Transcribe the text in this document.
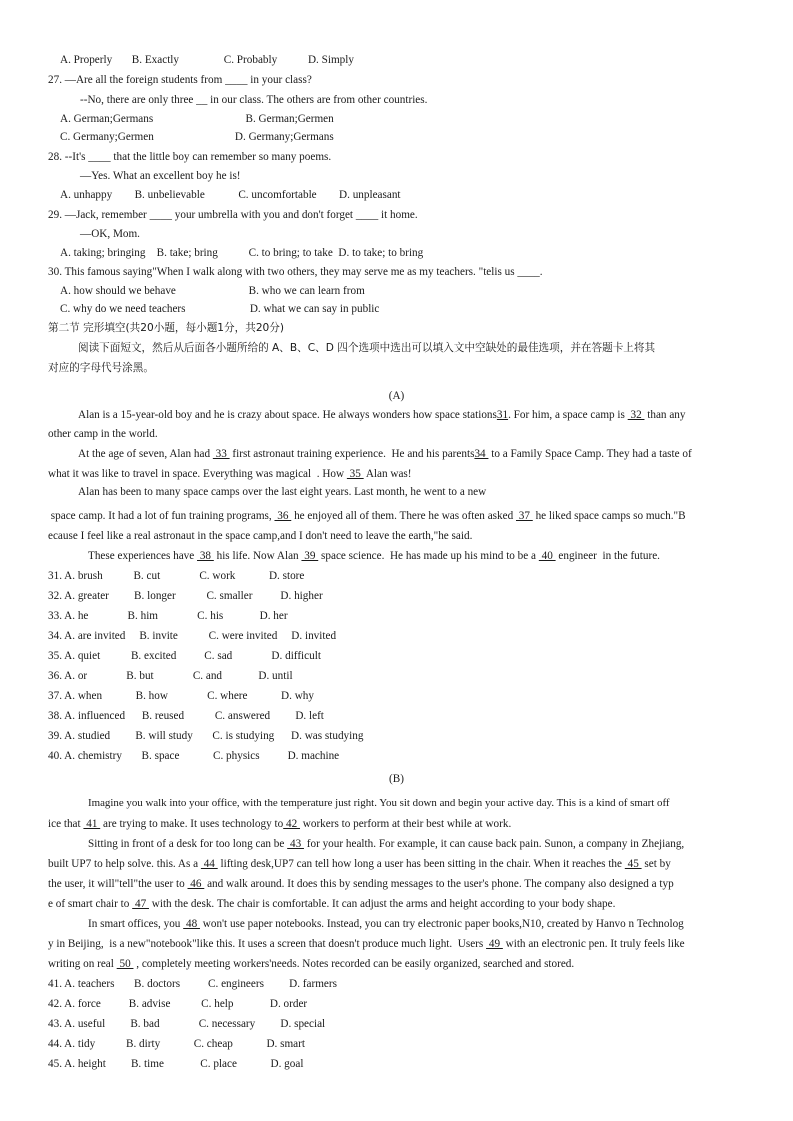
A. Properly       B. Exactly                C. Probably           D. Simply
27. —Are all the foreign students from ____ in your class?
--No, there are only three __ in our class. The others are from other countries.
A. German;Germans                                 B. German;Germen
C. Germany;Germen                             D. Germany;Germans
28. --It's ____ that the little boy can remember so many poems.
—Yes. What an excellent boy he is!
A. unhappy        B. unbelievable            C. uncomfortable        D. unpleasant
29. —Jack, remember ____ your umbrella with you and don't forget ____ it home.
—OK, Mom.
A. taking; bringing    B. take; bring           C. to bring; to take  D. to take; to bring
30. This famous saying"When I walk along with two others, they may serve me as my teachers. "telis us ____.
A. how should we behave                          B. who we can learn from
C. why do we need teachers                       D. what we can say in public
第二节 完形填空(共20小题，每小题1分，共20分)
阅读下面短文，然后从后面各小题所给的 A、B、C、D 四个选项中选出可以填入文中空缺处的最佳选项，并在答题卡上将其
对应的字母代号涂黑。
(A)
Alan is a 15-year-old boy and he is crazy about space. He always wonders how space stations31. For him, a space camp is  32  than any
other camp in the world.
At the age of seven, Alan had  33  first astronaut training experience.  He and his parents34  to a Family Space Camp. They had a taste of
what it was like to travel in space. Everything was magical  . How  35  Alan was!
Alan has been to many space camps over the last eight years. Last month, he went to a new
space camp. It had a lot of fun training programs,  36  he enjoyed all of them. There he was often asked  37  he liked space camps so much."B
ecause I feel like a real astronaut in the space camp,and I don't need to leave the earth,"he said.
These experiences have  38  his life. Now Alan  39  space science.  He has made up his mind to be a  40  engineer  in the future.
31. A. brush           B. cut              C. work            D. store
32. A. greater         B. longer           C. smaller          D. higher
33. A. he              B. him              C. his             D. her
34. A. are invited     B. invite           C. were invited     D. invited
35. A. quiet           B. excited          C. sad              D. difficult
36. A. or              B. but              C. and             D. until
37. A. when            B. how              C. where            D. why
38. A. influenced      B. reused           C. answered         D. left
39. A. studied         B. will study       C. is studying      D. was studying
40. A. chemistry       B. space            C. physics          D. machine
(B)
Imagine you walk into your office, with the temperature just right. You sit down and begin your active day. This is a kind of smart off
ice that  41  are trying to make. It uses technology to 42  workers to perform at their best while at work.
Sitting in front of a desk for too long can be  43  for your health. For example, it can cause back pain. Sunon, a company in Zhejiang,
built UP7 to help solve. this. As a  44  lifting desk,UP7 can tell how long a user has been sitting in the chair. When it reaches the  45  set by
the user, it will"tell"the user to  46  and walk around. It does this by sending messages to the user's phone. The company also designed a typ
e of smart chair to  47  with the desk. The chair is comfortable. It can adjust the arms and height according to your body shape.
In smart offices, you  48  won't use paper notebooks. Instead, you can try electronic paper books,N10, created by Hanvo n Technolog
y in Beijing,  is a new"notebook"like this. It uses a screen that doesn't produce much light.  Users  49  with an electronic pen. It truly feels like
writing on real  50  , completely meeting workers'needs. Notes recorded can be easily organized, searched and stored.
41. A. teachers       B. doctors          C. engineers         D. farmers
42. A. force          B. advise           C. help             D. order
43. A. useful         B. bad              C. necessary         D. special
44. A. tidy           B. dirty            C. cheap            D. smart
45. A. height         B. time             C. place            D. goal
